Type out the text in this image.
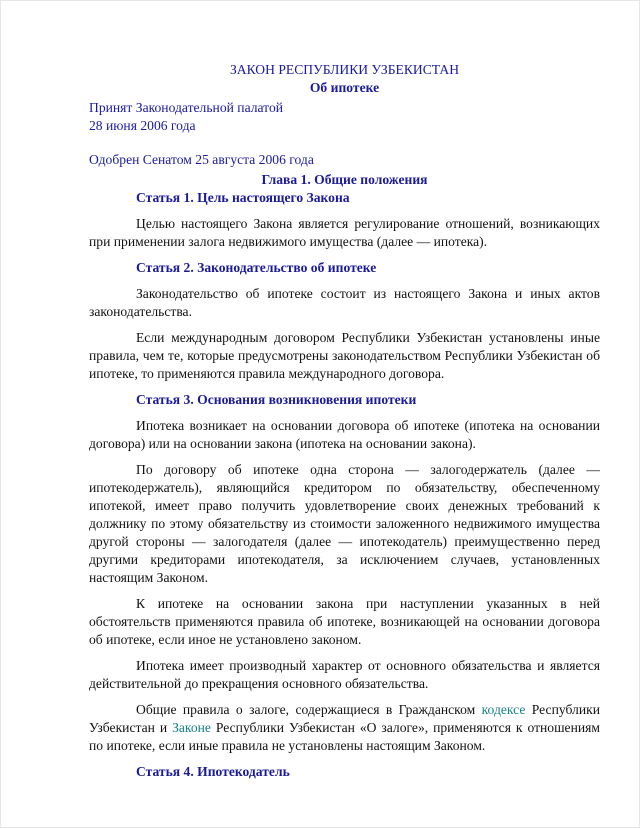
ЗАКОН РЕСПУБЛИКИ УЗБЕКИСТАН
Об ипотеке
Принят Законодательной палатой
28 июня 2006 года
Одобрен Сенатом 25 августа 2006 года
Глава 1. Общие положения
Статья 1. Цель настоящего Закона

Целью настоящего Закона является регулирование отношений, возникающих при применении залога недвижимого имущества (далее — ипотека).

Статья 2. Законодательство об ипотеке

Законодательство об ипотеке состоит из настоящего Закона и иных актов законодательства.

Если международным договором Республики Узбекистан установлены иные правила, чем те, которые предусмотрены законодательством Республики Узбекистан об ипотеке, то применяются правила международного договора.

Статья 3. Основания возникновения ипотеки

Ипотека возникает на основании договора об ипотеке (ипотека на основании договора) или на основании закона (ипотека на основании закона).

По договору об ипотеке одна сторона — залогодержатель (далее — ипотекодержатель), являющийся кредитором по обязательству, обеспеченному ипотекой, имеет право получить удовлетворение своих денежных требований к должнику по этому обязательству из стоимости заложенного недвижимого имущества другой стороны — залогодателя (далее — ипотекодатель) преимущественно перед другими кредиторами ипотекодателя, за исключением случаев, установленных настоящим Законом.

К ипотеке на основании закона при наступлении указанных в ней обстоятельств применяются правила об ипотеке, возникающей на основании договора об ипотеке, если иное не установлено законом.

Ипотека имеет производный характер от основного обязательства и является действительной до прекращения основного обязательства.

Общие правила о залоге, содержащиеся в Гражданском кодексе Республики Узбекистан и Законе Республики Узбекистан «О залоге», применяются к отношениям по ипотеке, если иные правила не установлены настоящим Законом.

Статья 4. Ипотекодатель
